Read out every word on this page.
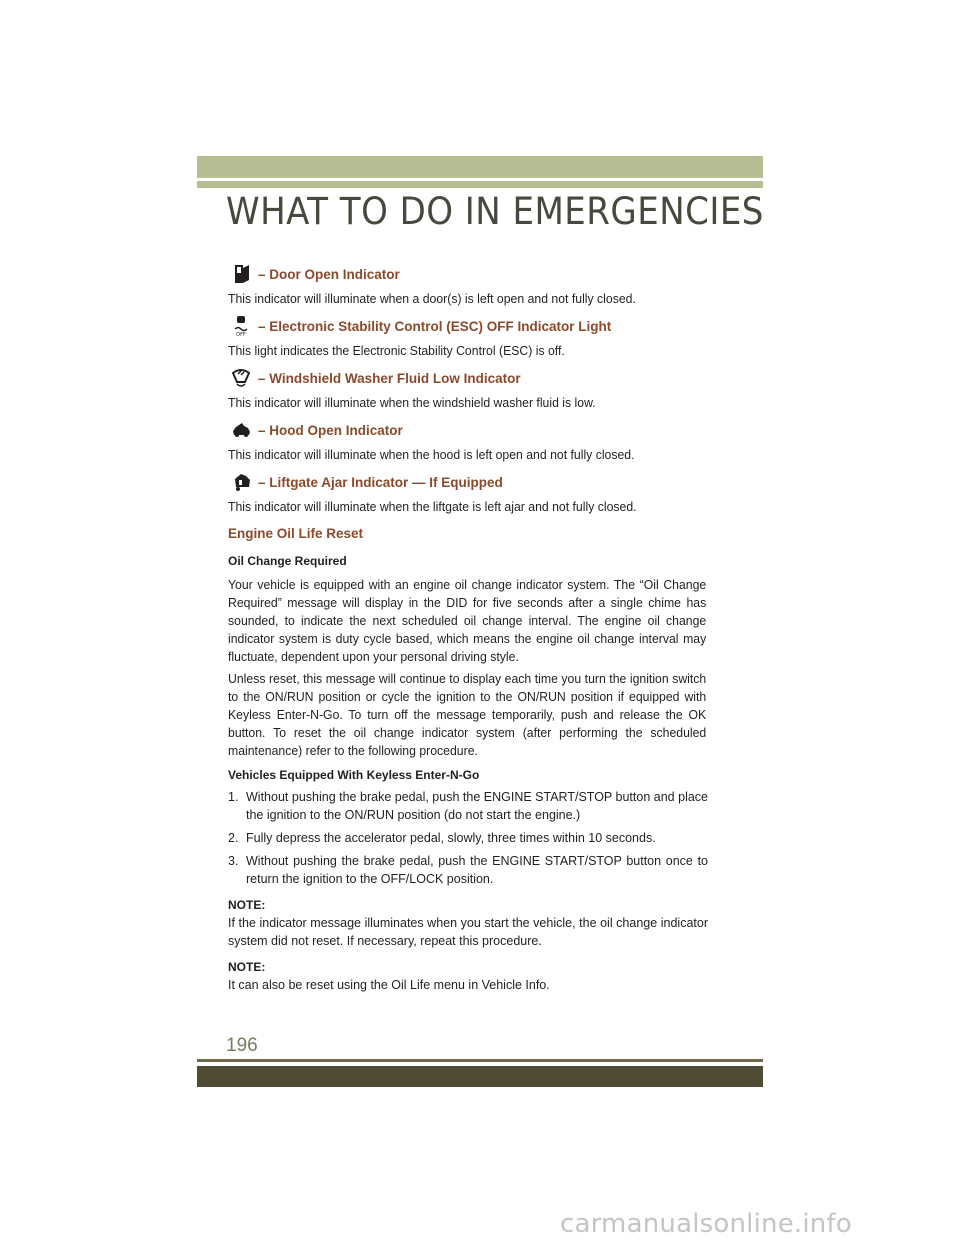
WHAT TO DO IN EMERGENCIES
– Door Open Indicator

This indicator will illuminate when a door(s) is left open and not fully closed.

OFF
– Electronic Stability Control (ESC) OFF Indicator Light

This light indicates the Electronic Stability Control (ESC) is off.

– Windshield Washer Fluid Low Indicator

This indicator will illuminate when the windshield washer fluid is low.

– Hood Open Indicator

This indicator will illuminate when the hood is left open and not fully closed.

– Liftgate Ajar Indicator — If Equipped

This indicator will illuminate when the liftgate is left ajar and not fully closed.

Engine Oil Life Reset
Oil Change Required

Your vehicle is equipped with an engine oil change indicator system. The “Oil Change Required” message will display in the DID for five seconds after a single chime has sounded, to indicate the next scheduled oil change interval. The engine oil change indicator system is duty cycle based, which means the engine oil change interval may fluctuate, dependent upon your personal driving style.

Unless reset, this message will continue to display each time you turn the ignition switch to the ON/RUN position or cycle the ignition to the ON/RUN position if equipped with Keyless Enter-N-Go. To turn off the message temporarily, push and release the OK button. To reset the oil change indicator system (after performing the scheduled maintenance) refer to the following procedure.

Vehicles Equipped With Keyless Enter-N-Go
1. Without pushing the brake pedal, push the ENGINE START/STOP button and place the ignition to the ON/RUN position (do not start the engine.)
2. Fully depress the accelerator pedal, slowly, three times within 10 seconds.
3. Without pushing the brake pedal, push the ENGINE START/STOP button once to return the ignition to the OFF/LOCK position.
NOTE:
If the indicator message illuminates when you start the vehicle, the oil change indicator system did not reset. If necessary, repeat this procedure.
NOTE:
It can also be reset using the Oil Life menu in Vehicle Info.
196
carmanualsonline.info
